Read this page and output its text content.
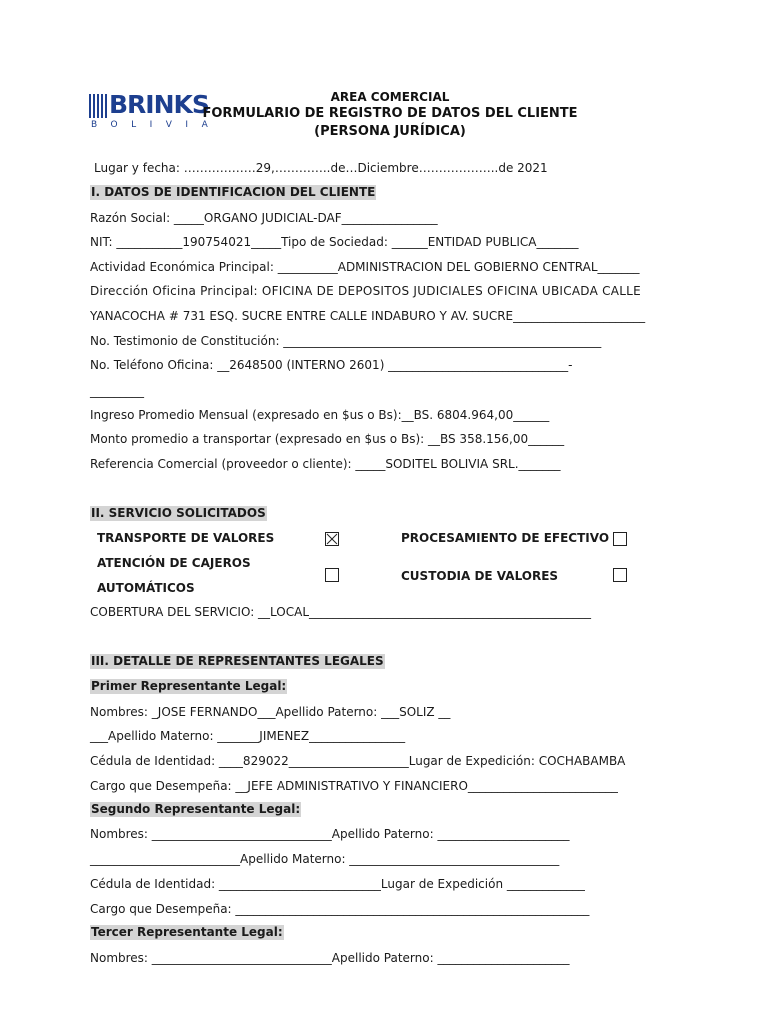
BRINKS
BOLIVIA
AREA COMERCIAL
FORMULARIO DE REGISTRO DE DATOS DEL CLIENTE
(PERSONA JURÍDICA)
Lugar y fecha: ………………29,…………..de…Diciembre………………..de 2021
I. DATOS DE IDENTIFICACION DEL CLIENTE
Razón Social: _____ORGANO JUDICIAL-DAF________________
NIT: ___________190754021_____Tipo de Sociedad: ______ENTIDAD PUBLICA_______
Actividad Económica Principal: __________ADMINISTRACION DEL GOBIERNO CENTRAL_______
Dirección Oficina Principal: OFICINA DE DEPOSITOS JUDICIALES OFICINA UBICADA CALLE
YANACOCHA # 731 ESQ. SUCRE ENTRE CALLE INDABURO Y AV. SUCRE______________________
No. Testimonio de Constitución: _____________________________________________________
No. Teléfono Oficina: __2648500 (INTERNO 2601) ______________________________-
_________
Ingreso Promedio Mensual (expresado en $us o Bs):__BS. 6804.964,00______
Monto promedio a transportar (expresado en $us o Bs): __BS 358.156,00______
Referencia Comercial (proveedor o cliente): _____SODITEL BOLIVIA SRL._______
II. SERVICIO SOLICITADOS
TRANSPORTE DE VALORES	PROCESAMIENTO DE EFECTIVO
ATENCIÓN DE CAJEROS
AUTOMÁTICOS
CUSTODIA DE VALORES
COBERTURA DEL SERVICIO: __LOCAL_______________________________________________
III. DETALLE DE REPRESENTANTES LEGALES
Primer Representante Legal:
Nombres: _JOSE FERNANDO___Apellido Paterno: ___SOLIZ __
___Apellido Materno: _______JIMENEZ________________
Cédula de Identidad: ____829022____________________Lugar de Expedición: COCHABAMBA
Cargo que Desempeña: __JEFE ADMINISTRATIVO Y FINANCIERO_________________________
Segundo Representante Legal:
Nombres: ______________________________Apellido Paterno: ______________________
_________________________Apellido Materno: ___________________________________
Cédula de Identidad: ___________________________Lugar de Expedición _____________
Cargo que Desempeña: ___________________________________________________________
Tercer Representante Legal:
Nombres: ______________________________Apellido Paterno: ______________________
